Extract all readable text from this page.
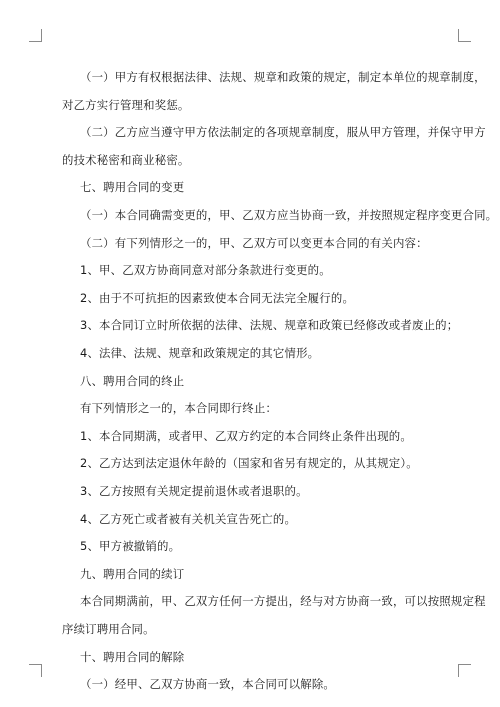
（一）甲方有权根据法律、法规、规章和政策的规定，制定本单位的规章制度，
对乙方实行管理和奖惩。
（二）乙方应当遵守甲方依法制定的各项规章制度，服从甲方管理，并保守甲方
的技术秘密和商业秘密。
七、聘用合同的变更
（一）本合同确需变更的，甲、乙双方应当协商一致，并按照规定程序变更合同。
（二）有下列情形之一的，甲、乙双方可以变更本合同的有关内容：
1、甲、乙双方协商同意对部分条款进行变更的。
2、由于不可抗拒的因素致使本合同无法完全履行的。
3、本合同订立时所依据的法律、法规、规章和政策已经修改或者废止的；
4、法律、法规、规章和政策规定的其它情形。
八、聘用合同的终止
有下列情形之一的，本合同即行终止：
1、本合同期满，或者甲、乙双方约定的本合同终止条件出现的。
2、乙方达到法定退休年龄的（国家和省另有规定的，从其规定）。
3、乙方按照有关规定提前退休或者退职的。
4、乙方死亡或者被有关机关宣告死亡的。
5、甲方被撤销的。
九、聘用合同的续订
本合同期满前，甲、乙双方任何一方提出，经与对方协商一致，可以按照规定程
序续订聘用合同。
十、聘用合同的解除
（一）经甲、乙双方协商一致，本合同可以解除。
